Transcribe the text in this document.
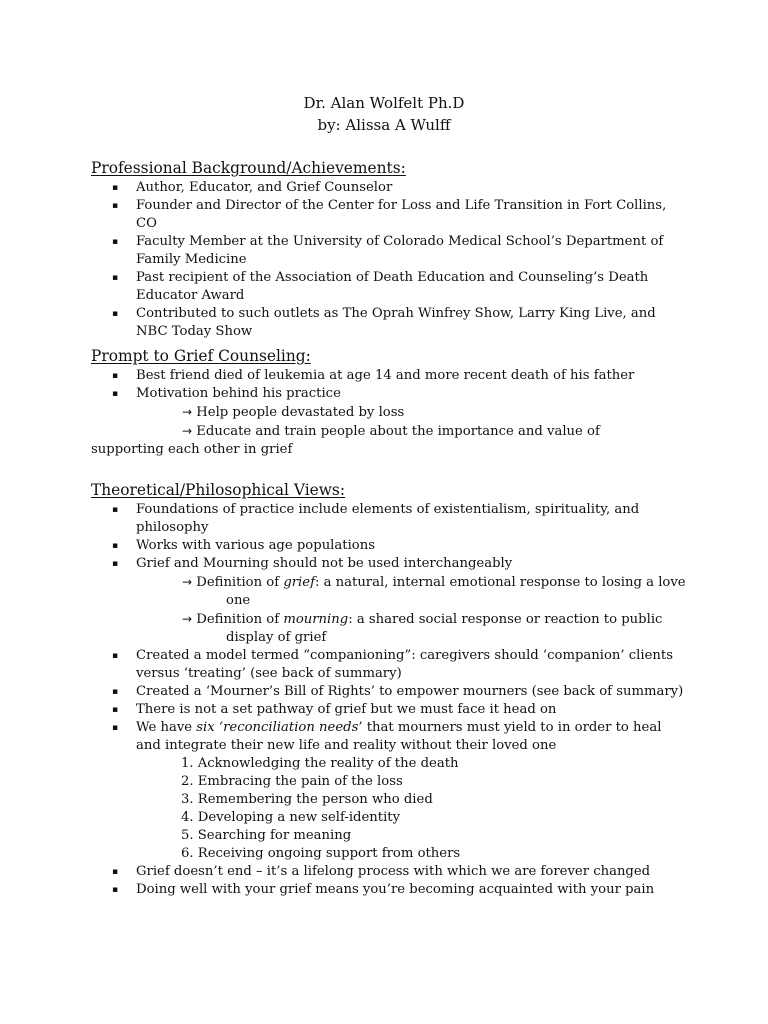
Dr. Alan Wolfelt Ph.D
by: Alissa A Wulff
Professional Background/Achievements:
▪ Author, Educator, and Grief Counselor
▪ Founder and Director of the Center for Loss and Life Transition in Fort Collins, CO
▪ Faculty Member at the University of Colorado Medical School’s Department of Family Medicine
▪ Past recipient of the Association of Death Education and Counseling’s Death Educator Award
▪ Contributed to such outlets as The Oprah Winfrey Show, Larry King Live, and NBC Today Show
Prompt to Grief Counseling:
▪ Best friend died of leukemia at age 14 and more recent death of his father
▪ Motivation behind his practice
→ Help people devastated by loss
→ Educate and train people about the importance and value of
supporting each other in grief
Theoretical/Philosophical Views:
▪ Foundations of practice include elements of existentialism, spirituality, and philosophy
▪ Works with various age populations
▪ Grief and Mourning should not be used interchangeably
→ Definition of grief: a natural, internal emotional response to losing a love
one
→ Definition of mourning: a shared social response or reaction to public
display of grief
▪ Created a model termed “companioning”: caregivers should ‘companion’ clients versus ‘treating’ (see back of summary)
▪ Created a ‘Mourner’s Bill of Rights’ to empower mourners (see back of summary)
▪ There is not a set pathway of grief but we must face it head on
▪ We have six ‘reconciliation needs’ that mourners must yield to in order to heal and integrate their new life and reality without their loved one
1. Acknowledging the reality of the death
2. Embracing the pain of the loss
3. Remembering the person who died
4. Developing a new self-identity
5. Searching for meaning
6. Receiving ongoing support from others
▪ Grief doesn’t end – it’s a lifelong process with which we are forever changed
▪ Doing well with your grief means you’re becoming acquainted with your pain
